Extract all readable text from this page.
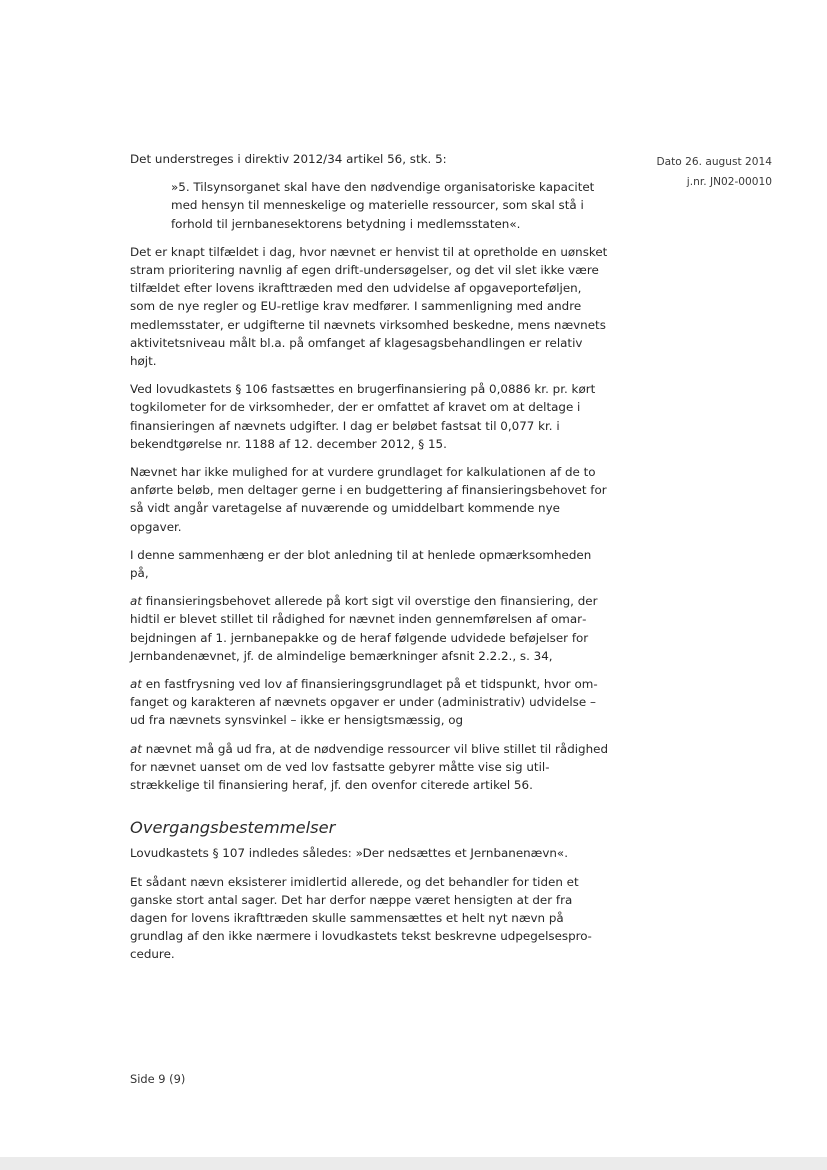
Dato 26. august 2014
j.nr. JN02-00010

Det understreges i direktiv 2012/34 artikel 56, stk. 5:

»5. Tilsynsorganet skal have den nødvendige organisatoriske kapacitet med hensyn til menneskelige og materielle ressourcer, som skal stå i forhold til jernbanesektorens betydning i medlemsstaten«.

Det er knapt tilfældet i dag, hvor nævnet er henvist til at opretholde en uønsket stram prioritering navnlig af egen drift-undersøgelser, og det vil slet ikke være tilfældet efter lovens ikrafttræden med den udvidelse af opgaveporteføljen, som de nye regler og EU-retlige krav medfører. I sammenligning med andre medlemsstater, er udgifterne til nævnets virksomhed beskedne, mens nævnets aktivitetsniveau målt bl.a. på omfanget af klagesagsbehandlingen er relativ højt.

Ved lovudkastets § 106 fastsættes en brugerfinansiering på 0,0886 kr. pr. kørt togkilometer for de virksomheder, der er omfattet af kravet om at deltage i finansieringen af nævnets udgifter. I dag er beløbet fastsat til 0,077 kr. i bekendtgørelse nr. 1188 af 12. december 2012, § 15.

Nævnet har ikke mulighed for at vurdere grundlaget for kalkulationen af de to anførte beløb, men deltager gerne i en budgettering af finansieringsbehovet for så vidt angår varetagelse af nuværende og umiddelbart kommende nye opgaver.

I denne sammenhæng er der blot anledning til at henlede opmærksomheden på,

at finansieringsbehovet allerede på kort sigt vil overstige den finansiering, der hidtil er blevet stillet til rådighed for nævnet inden gennemførelsen af omarbejdningen af 1. jernbanepakke og de heraf følgende udvidede beføjelser for Jernbandenævnet, jf. de almindelige bemærkninger afsnit 2.2.2., s. 34,

at en fastfrysning ved lov af finansieringsgrundlaget på et tidspunkt, hvor omfanget og karakteren af nævnets opgaver er under (administrativ) udvidelse – ud fra nævnets synsvinkel – ikke er hensigtsmæssig, og

at nævnet må gå ud fra, at de nødvendige ressourcer vil blive stillet til rådighed for nævnet uanset om de ved lov fastsatte gebyrer måtte vise sig utilstrækkelige til finansiering heraf, jf. den ovenfor citerede artikel 56.

Overgangsbestemmelser

Lovudkastets § 107 indledes således: »Der nedsættes et Jernbanenævn«.

Et sådant nævn eksisterer imidlertid allerede, og det behandler for tiden et ganske stort antal sager. Det har derfor næppe været hensigten at der fra dagen for lovens ikrafttræden skulle sammensættes et helt nyt nævn på grundlag af den ikke nærmere i lovudkastets tekst beskrevne udpegelsesprocedure.

Side 9 (9)
